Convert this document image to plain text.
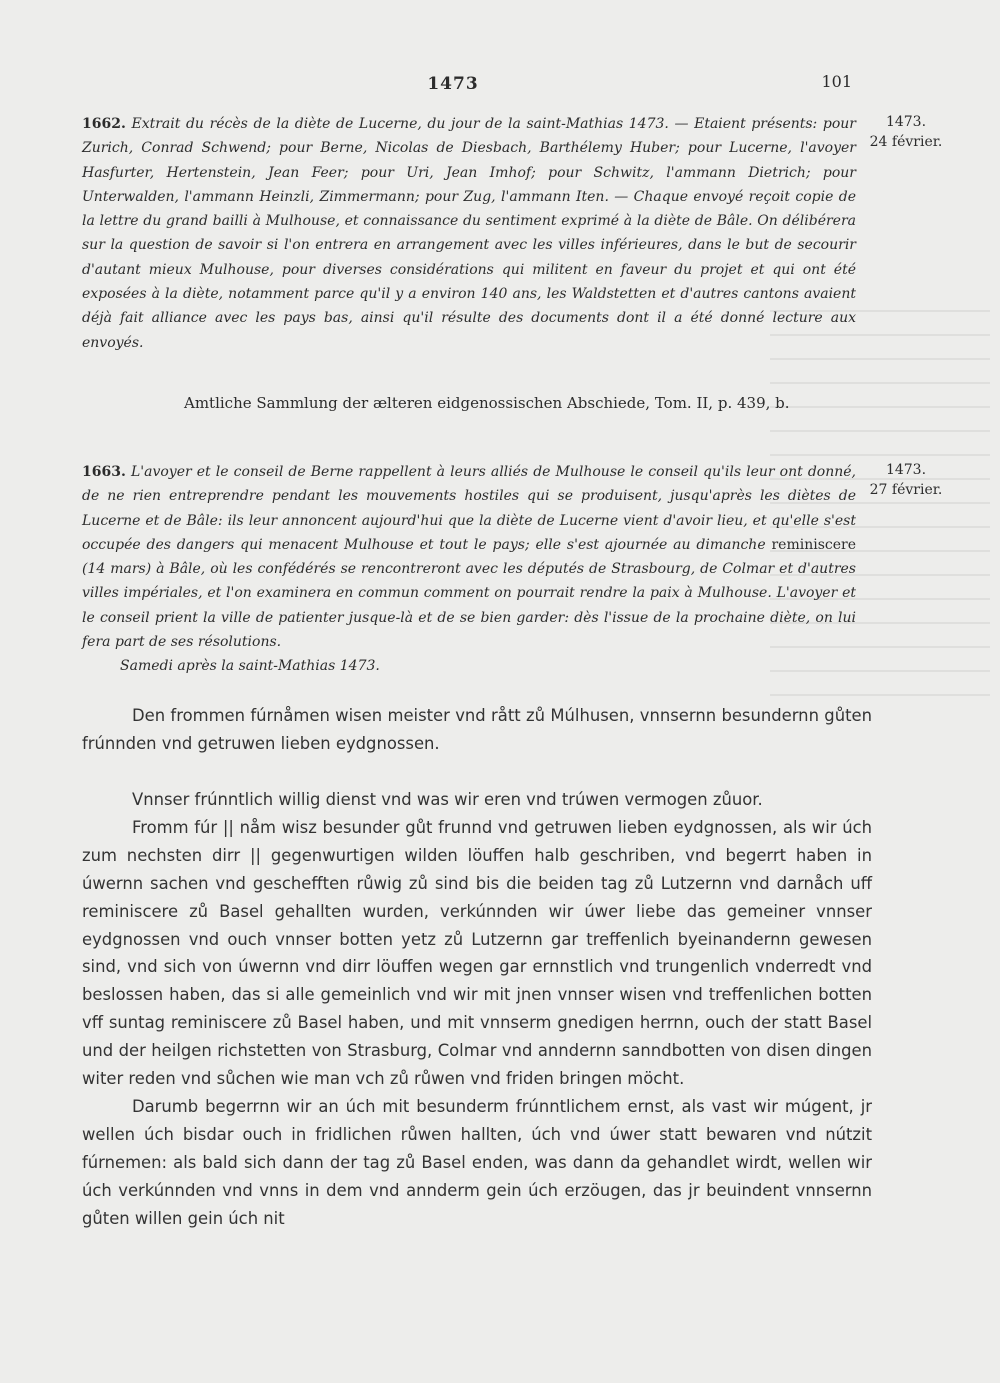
1473	101
1473.
24 février.
1662. Extrait du récès de la diète de Lucerne, du jour de la saint-Mathias 1473. — Etaient présents: pour Zurich, Conrad Schwend; pour Berne, Nicolas de Diesbach, Barthélemy Huber; pour Lucerne, l'avoyer Hasfurter, Hertenstein, Jean Feer; pour Uri, Jean Imhof; pour Schwitz, l'ammann Dietrich; pour Unterwalden, l'ammann Heinzli, Zimmermann; pour Zug, l'ammann Iten. — Chaque envoyé reçoit copie de la lettre du grand bailli à Mulhouse, et connaissance du sentiment exprimé à la diète de Bâle. On délibérera sur la question de savoir si l'on entrera en arrangement avec les villes inférieures, dans le but de secourir d'autant mieux Mulhouse, pour diverses considérations qui militent en faveur du projet et qui ont été exposées à la diète, notamment parce qu'il y a environ 140 ans, les Waldstetten et d'autres cantons avaient déjà fait alliance avec les pays bas, ainsi qu'il résulte des documents dont il a été donné lecture aux envoyés.
Amtliche Sammlung der ælteren eidgenossischen Abschiede, Tom. II, p. 439, b.
1473.
27 février.
1663. L'avoyer et le conseil de Berne rappellent à leurs alliés de Mulhouse le conseil qu'ils leur ont donné, de ne rien entreprendre pendant les mouvements hostiles qui se produisent, jusqu'après les diètes de Lucerne et de Bâle: ils leur annoncent aujourd'hui que la diète de Lucerne vient d'avoir lieu, et qu'elle s'est occupée des dangers qui menacent Mulhouse et tout le pays; elle s'est ajournée au dimanche reminiscere (14 mars) à Bâle, où les confédérés se rencontreront avec les députés de Strasbourg, de Colmar et d'autres villes impériales, et l'on examinera en commun comment on pourrait rendre la paix à Mulhouse. L'avoyer et le conseil prient la ville de patienter jusque-là et de se bien garder: dès l'issue de la prochaine diète, on lui fera part de ses résolutions.
Samedi après la saint-Mathias 1473.

Den frommen fúrnåmen wisen meister vnd rått zů Múlhusen, vnnsernn besundernn gůten frúnnden vnd getruwen lieben eydgnossen.

Vnnser frúnntlich willig dienst vnd was wir eren vnd trúwen vermogen zůuor.

Fromm fúr || nåm wisz besunder gůt frunnd vnd getruwen lieben eydgnossen, als wir úch zum nechsten dirr || gegenwurtigen wilden löuffen halb geschriben, vnd begerrt haben in úwernn sachen vnd geschefften růwig zů sind bis die beiden tag zů Lutzernn vnd darnåch uff reminiscere zů Basel gehallten wurden, verkúnnden wir úwer liebe das gemeiner vnnser eydgnossen vnd ouch vnnser botten yetz zů Lutzernn gar treffenlich byeinandernn gewesen sind, vnd sich von úwernn vnd dirr löuffen wegen gar ernnstlich vnd trungenlich vnderredt vnd beslossen haben, das si alle gemeinlich vnd wir mit jnen vnnser wisen vnd treffenlichen botten vff suntag reminiscere zů Basel haben, und mit vnnserm gnedigen herrnn, ouch der statt Basel und der heilgen richstetten von Strasburg, Colmar vnd anndernn sanndbotten von disen dingen witer reden vnd sůchen wie man vch zů růwen vnd friden bringen möcht.

Darumb begerrnn wir an úch mit besunderm frúnntlichem ernst, als vast wir múgent, jr wellen úch bisdar ouch in fridlichen růwen hallten, úch vnd úwer statt bewaren vnd nútzit fúrnemen: als bald sich dann der tag zů Basel enden, was dann da gehandlet wirdt, wellen wir úch verkúnnden vnd vnns in dem vnd annderm gein úch erzöugen, das jr beuindent vnnsernn gůten willen gein úch nit
